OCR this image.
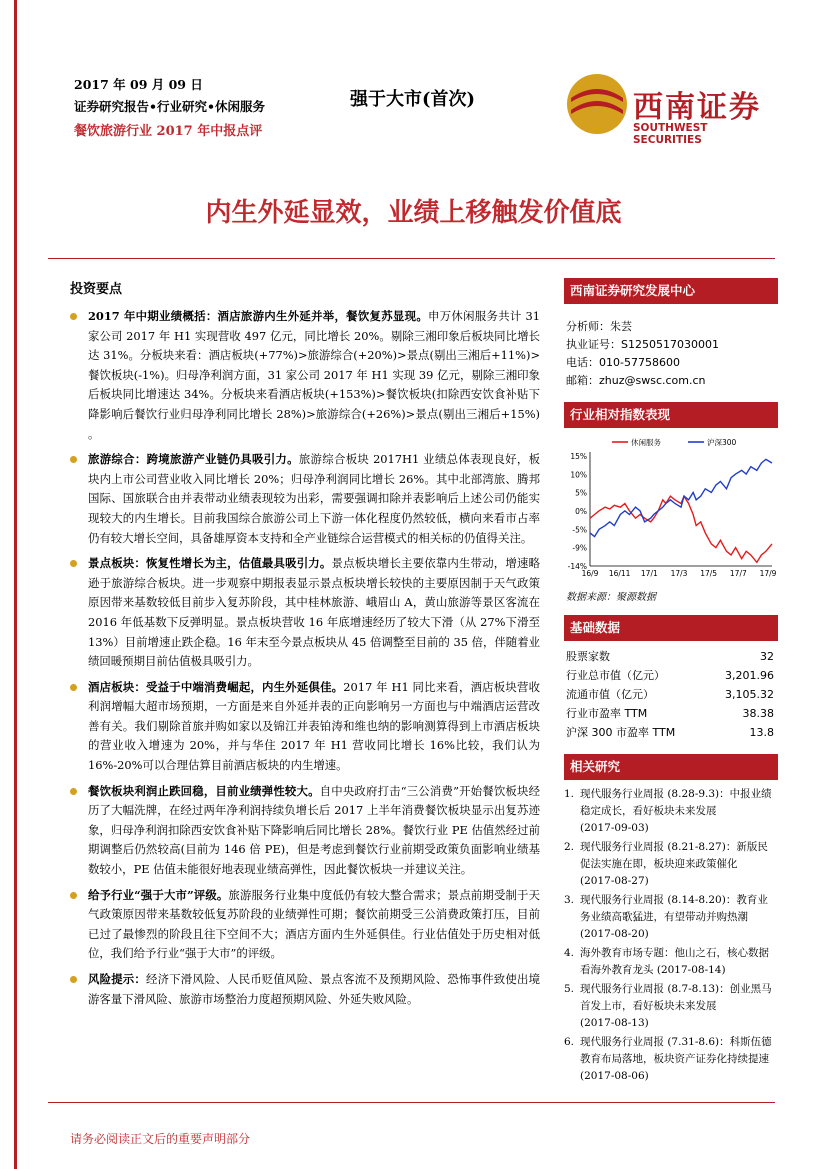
2017 年 09 月 09 日
证券研究报告•行业研究•休闲服务
餐饮旅游行业 2017 年中报点评
强于大市(首次)	西南证券
SOUTHWEST SECURITIES
内生外延显效，业绩上移触发价值底
投资要点
2017 年中期业绩概括：酒店旅游内生外延并举，餐饮复苏显现。申万休闲服务共计 31 家公司 2017 年 H1 实现营收 497 亿元，同比增长 20%。剔除三湘印象后板块同比增长达 31%。分板块来看：酒店板块(+77%)>旅游综合(+20%)>景点(剔出三湘后+11%)>餐饮板块(-1%)。归母净利润方面，31 家公司 2017 年 H1 实现 39 亿元，剔除三湘印象后板块同比增速达 34%。分板块来看酒店板块(+153%)>餐饮板块(扣除西安饮食补贴下降影响后餐饮行业归母净利同比增长 28%)>旅游综合(+26%)>景点(剔出三湘后+15%) 。
旅游综合：跨境旅游产业链仍具吸引力。旅游综合板块 2017H1 业绩总体表现良好，板块内上市公司营业收入同比增长 20%；归母净利润同比增长 26%。其中北部湾旅、腾邦国际、国旅联合由并表带动业绩表现较为出彩，需要强调扣除并表影响后上述公司仍能实现较大的内生增长。目前我国综合旅游公司上下游一体化程度仍然较低，横向来看市占率仍有较大增长空间，具备雄厚资本支持和全产业链综合运营模式的相关标的仍值得关注。
景点板块：恢复性增长为主，估值最具吸引力。景点板块增长主要依靠内生带动，增速略逊于旅游综合板块。进一步观察中期报表显示景点板块增长较快的主要原因制于天气政策原因带来基数较低目前步入复苏阶段，其中桂林旅游、峨眉山 A，黄山旅游等景区客流在 2016 年低基数下反弹明显。景点板块营收 16 年底增速经历了较大下滑（从 27%下滑至 13%）目前增速止跌企稳。16 年末至今景点板块从 45 倍调整至目前的 35 倍，伴随着业绩回暖预期目前估值极具吸引力。
酒店板块：受益于中端消费崛起，内生外延俱佳。2017 年 H1 同比来看，酒店板块营收利润增幅大超市场预期，一方面是来自外延并表的正向影响另一方面也与中端酒店运营改善有关。我们剔除首旅并购如家以及锦江并表铂涛和维也纳的影响测算得到上市酒店板块的营业收入增速为 20%，并与华住 2017 年 H1 营收同比增长 16%比较，我们认为 16%-20%可以合理估算目前酒店板块的内生增速。
餐饮板块利润止跌回稳，目前业绩弹性较大。自中央政府打击“三公消费”开始餐饮板块经历了大幅洗牌，在经过两年净利润持续负增长后 2017 上半年消费餐饮板块显示出复苏迹象，归母净利润扣除西安饮食补贴下降影响后同比增长 28%。餐饮行业 PE 估值然经过前期调整后仍然较高(目前为 146 倍 PE)，但是考虑到餐饮行业前期受政策负面影响业绩基数较小，PE 估值未能很好地表现业绩高弹性，因此餐饮板块一并建议关注。
给予行业“强于大市”评级。旅游服务行业集中度低仍有较大整合需求；景点前期受制于天气政策原因带来基数较低复苏阶段的业绩弹性可期；餐饮前期受三公消费政策打压，目前已过了最惨烈的阶段且往下空间不大；酒店方面内生外延俱佳。行业估值处于历史相对低位，我们给予行业“强于大市”的评级。
风险提示：经济下滑风险、人民币贬值风险、景点客流不及预期风险、恐怖事件致使出境游客量下滑风险、旅游市场整治力度超预期风险、外延失败风险。
西南证券研究发展中心
分析师：朱芸
执业证号：S1250517030001
电话：010-57758600
邮箱：zhuz@swsc.com.cn
行业相对指数表现
15%
10%
5%
0%
-5%
-9%
-14%
16/9 16/11 17/1 17/3 17/5 17/7 17/9
休闲服务	沪深300
数据来源：聚源数据
基础数据
股票家数	32
行业总市值（亿元）	3,201.96
流通市值（亿元）	3,105.32
行业市盈率 TTM	38.38
沪深 300 市盈率 TTM	13.8
相关研究
1. 现代服务行业周报 (8.28-9.3)：中报业绩稳定成长，看好板块未来发展
(2017-09-03)
2. 现代服务行业周报 (8.21-8.27)：新版民促法实施在即，板块迎来政策催化
(2017-08-27)
3. 现代服务行业周报 (8.14-8.20)：教育业务业绩高歌猛进，有望带动并购热潮
(2017-08-20)
4. 海外教育市场专题：他山之石，核心数据看海外教育龙头 (2017-08-14)
5. 现代服务行业周报 (8.7-8.13)：创业黑马首发上市，看好板块未来发展
(2017-08-13)
6. 现代服务行业周报 (7.31-8.6)：科斯伍德教育布局落地，板块资产证券化持续提速 (2017-08-06)
请务必阅读正文后的重要声明部分
